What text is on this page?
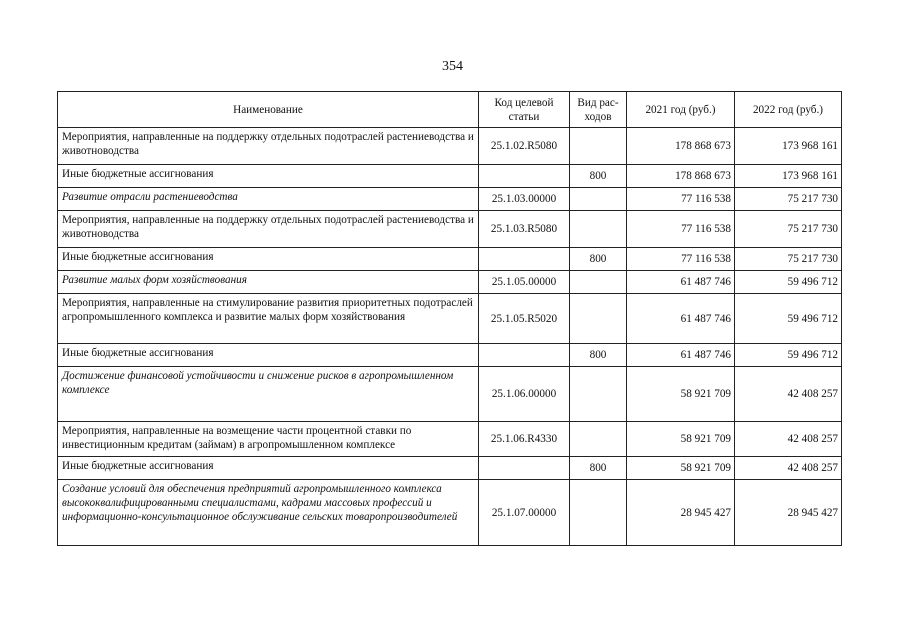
354
Наименование	Код целевой статьи	Вид рас-ходов	2021 год (руб.)	2022 год (руб.)
Мероприятия, направленные на поддержку отдельных подотраслей растениеводства и животноводства	25.1.02.R5080		178 868 673	173 968 161
Иные бюджетные ассигнования		800	178 868 673	173 968 161
Развитие отрасли растениеводства	25.1.03.00000		77 116 538	75 217 730
Мероприятия, направленные на поддержку отдельных подотраслей растениеводства и животноводства	25.1.03.R5080		77 116 538	75 217 730
Иные бюджетные ассигнования		800	77 116 538	75 217 730
Развитие малых форм хозяйствования	25.1.05.00000		61 487 746	59 496 712
Мероприятия, направленные на стимулирование развития приоритетных подотраслей агропромышленного комплекса и развитие малых форм хозяйствования	25.1.05.R5020		61 487 746	59 496 712
Иные бюджетные ассигнования		800	61 487 746	59 496 712
Достижение финансовой устойчивости и снижение рисков в агропромышленном комплексе	25.1.06.00000		58 921 709	42 408 257
Мероприятия, направленные на возмещение части процентной ставки по инвестиционным кредитам (займам) в агропромышленном комплексе	25.1.06.R4330		58 921 709	42 408 257
Иные бюджетные ассигнования		800	58 921 709	42 408 257
Создание условий для обеспечения предприятий агропромышленного комплекса высококвалифицированными специалистами, кадрами массовых профессий и информационно-консультационное обслуживание сельских товаропроизводителей	25.1.07.00000		28 945 427	28 945 427
